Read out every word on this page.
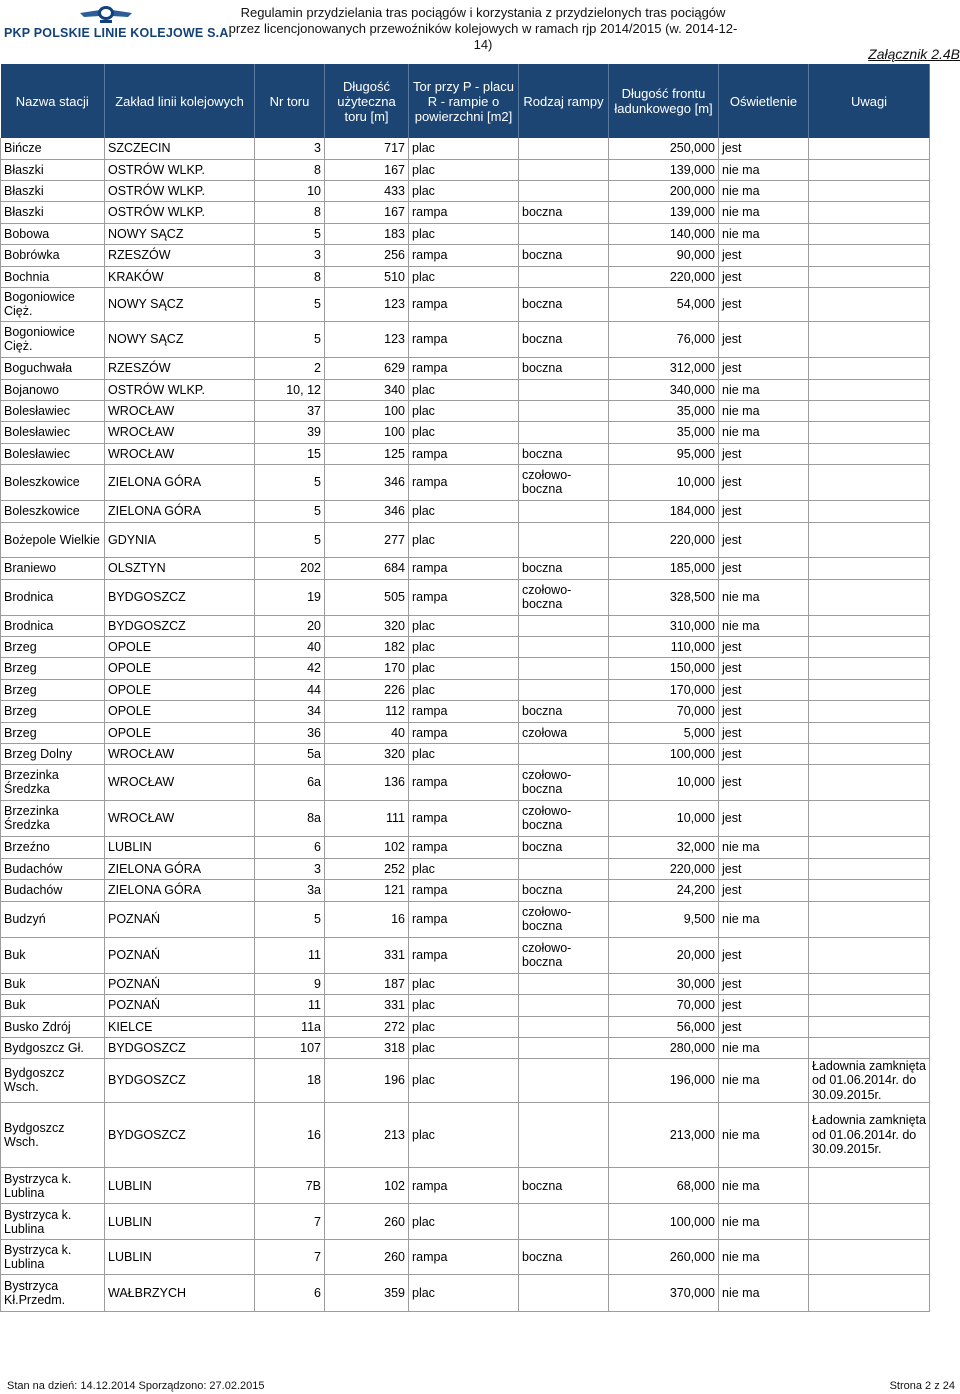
PKP POLSKIE LINIE KOLEJOWE S.A.
Regulamin przydzielania tras pociągów i korzystania z przydzielonych tras pociągów
przez licencjonowanych przewoźników kolejowych w ramach rjp 2014/2015 (w. 2014-12-14)
Załącznik 2.4B
Nazwa stacji	Zakład linii kolejowych	Nr toru	Długość użyteczna toru [m]	Tor przy P - placu R - rampie o powierzchni [m2]	Rodzaj rampy	Długość frontu ładunkowego [m]	Oświetlenie	Uwagi
Bińcze	SZCZECIN	3	717	plac		250,000	jest	
Błaszki	OSTRÓW WLKP.	8	167	plac		139,000	nie ma	
Błaszki	OSTRÓW WLKP.	10	433	plac		200,000	nie ma	
Błaszki	OSTRÓW WLKP.	8	167	rampa	boczna	139,000	nie ma	
Bobowa	NOWY SĄCZ	5	183	plac		140,000	nie ma	
Bobrówka	RZESZÓW	3	256	rampa	boczna	90,000	jest	
Bochnia	KRAKÓW	8	510	plac		220,000	jest	
Bogoniowice Cięż.	NOWY SĄCZ	5	123	rampa	boczna	54,000	jest	
Bogoniowice Cięż.	NOWY SĄCZ	5	123	rampa	boczna	76,000	jest	
Boguchwała	RZESZÓW	2	629	rampa	boczna	312,000	jest	
Bojanowo	OSTRÓW WLKP.	10, 12	340	plac		340,000	nie ma	
Bolesławiec	WROCŁAW	37	100	plac		35,000	nie ma	
Bolesławiec	WROCŁAW	39	100	plac		35,000	nie ma	
Bolesławiec	WROCŁAW	15	125	rampa	boczna	95,000	jest	
Boleszkowice	ZIELONA GÓRA	5	346	rampa	czołowo-boczna	10,000	jest	
Boleszkowice	ZIELONA GÓRA	5	346	plac		184,000	jest	
Bożepole Wielkie	GDYNIA	5	277	plac		220,000	jest	
Braniewo	OLSZTYN	202	684	rampa	boczna	185,000	jest	
Brodnica	BYDGOSZCZ	19	505	rampa	czołowo-boczna	328,500	nie ma	
Brodnica	BYDGOSZCZ	20	320	plac		310,000	nie ma	
Brzeg	OPOLE	40	182	plac		110,000	jest	
Brzeg	OPOLE	42	170	plac		150,000	jest	
Brzeg	OPOLE	44	226	plac		170,000	jest	
Brzeg	OPOLE	34	112	rampa	boczna	70,000	jest	
Brzeg	OPOLE	36	40	rampa	czołowa	5,000	jest	
Brzeg Dolny	WROCŁAW	5a	320	plac		100,000	jest	
Brzezinka Średzka	WROCŁAW	6a	136	rampa	czołowo-boczna	10,000	jest	
Brzezinka Średzka	WROCŁAW	8a	111	rampa	czołowo-boczna	10,000	jest	
Brzeźno	LUBLIN	6	102	rampa	boczna	32,000	nie ma	
Budachów	ZIELONA GÓRA	3	252	plac		220,000	jest	
Budachów	ZIELONA GÓRA	3a	121	rampa	boczna	24,200	jest	
Budzyń	POZNAŃ	5	16	rampa	czołowo-boczna	9,500	nie ma	
Buk	POZNAŃ	11	331	rampa	czołowo-boczna	20,000	jest	
Buk	POZNAŃ	9	187	plac		30,000	jest	
Buk	POZNAŃ	11	331	plac		70,000	jest	
Busko Zdrój	KIELCE	11a	272	plac		56,000	jest	
Bydgoszcz Gł.	BYDGOSZCZ	107	318	plac		280,000	nie ma	
Bydgoszcz Wsch.	BYDGOSZCZ	18	196	plac		196,000	nie ma	Ładownia zamknięta od 01.06.2014r. do 30.09.2015r.
Bydgoszcz Wsch.	BYDGOSZCZ	16	213	plac		213,000	nie ma	Ładownia zamknięta od 01.06.2014r. do 30.09.2015r.
Bystrzyca k. Lublina	LUBLIN	7B	102	rampa	boczna	68,000	nie ma	
Bystrzyca k. Lublina	LUBLIN	7	260	plac		100,000	nie ma	
Bystrzyca k. Lublina	LUBLIN	7	260	rampa	boczna	260,000	nie ma	
Bystrzyca Kł.Przedm.	WAŁBRZYCH	6	359	plac		370,000	nie ma	
Stan na dzień: 14.12.2014 Sporządzono: 27.02.2015	Strona 2 z 24
